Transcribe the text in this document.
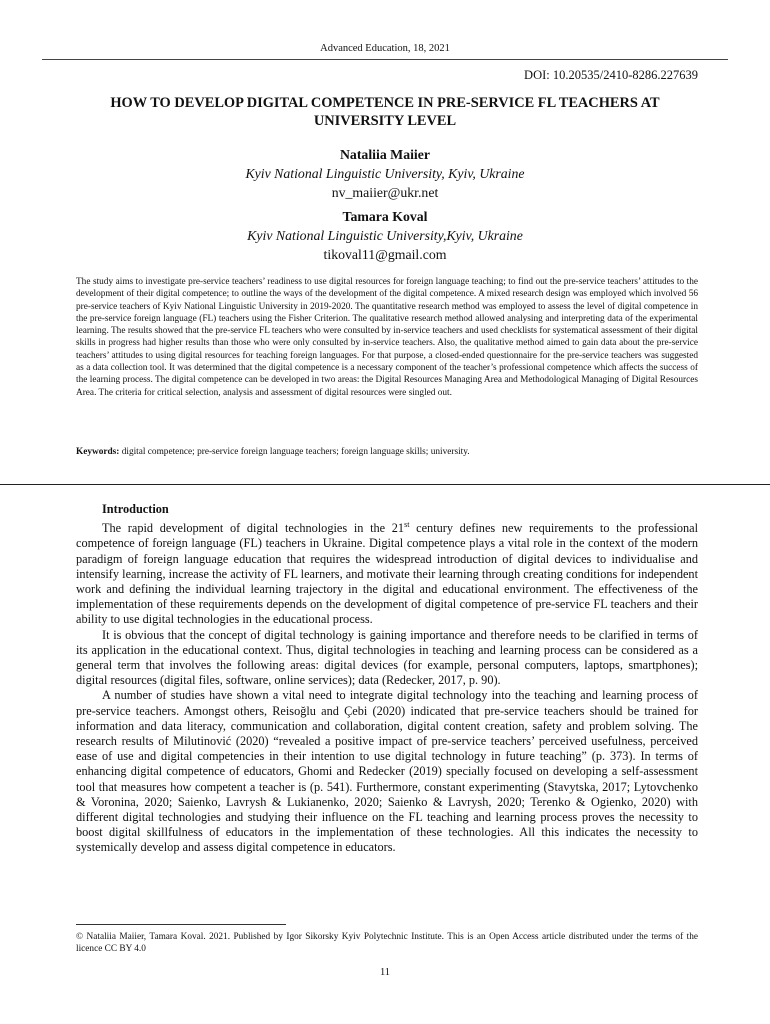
Advanced Education, 18, 2021
DOI: 10.20535/2410-8286.227639
HOW TO DEVELOP DIGITAL COMPETENCE IN PRE-SERVICE FL TEACHERS AT UNIVERSITY LEVEL
Nataliia Maiier
Kyiv National Linguistic University, Kyiv, Ukraine
nv_maiier@ukr.net
Tamara Koval
Kyiv National Linguistic University,Kyiv, Ukraine
tikoval11@gmail.com

The study aims to investigate pre-service teachers’ readiness to use digital resources for foreign language teaching; to find out the pre-service teachers’ attitudes to the development of their digital competence; to outline the ways of the development of the digital competence. A mixed research design was employed which involved 56 pre-service teachers of Kyiv National Linguistic University in 2019-2020. The quantitative research method was employed to assess the level of digital competence in the pre-service foreign language (FL) teachers using the Fisher Criterion. The qualitative research method allowed analysing and interpreting data of the experimental learning. The results showed that the pre-service FL teachers who were consulted by in-service teachers and used checklists for systematical assessment of their digital skills in progress had higher results than those who were only consulted by in-service teachers. Also, the qualitative method aimed to gain data about the pre-service teachers’ attitudes to using digital resources for teaching foreign languages. For that purpose, a closed-ended questionnaire for the pre-service teachers was suggested as a data collection tool. It was determined that the digital competence is a necessary component of the teacher’s professional competence which affects the success of the learning process. The digital competence can be developed in two areas: the Digital Resources Managing Area and Methodological Managing of Digital Resources Area. The criteria for critical selection, analysis and assessment of digital resources were singled out.

Keywords: digital competence; pre-service foreign language teachers; foreign language skills; university.

Introduction

The rapid development of digital technologies in the 21st century defines new requirements to the professional competence of foreign language (FL) teachers in Ukraine. Digital competence plays a vital role in the context of the modern paradigm of foreign language education that requires the widespread introduction of digital devices to individualise and intensify learning, increase the activity of FL learners, and motivate their learning through creating conditions for independent work and defining the individual learning trajectory in the digital and educational environment. The effectiveness of the implementation of these requirements depends on the development of digital competence of pre-service FL teachers and their ability to use digital technologies in the educational process.

It is obvious that the concept of digital technology is gaining importance and therefore needs to be clarified in terms of its application in the educational context. Thus, digital technologies in teaching and learning process can be considered as a general term that involves the following areas: digital devices (for example, personal computers, laptops, smartphones); digital resources (digital files, software, online services); data (Redecker, 2017, p. 90).

A number of studies have shown a vital need to integrate digital technology into the teaching and learning process of pre-service teachers. Amongst others, Reisoğlu and Çebi (2020) indicated that pre-service teachers should be trained for information and data literacy, communication and collaboration, digital content creation, safety and problem solving. The research results of Milutinović (2020) “revealed a positive impact of pre-service teachers’ perceived usefulness, perceived ease of use and digital competencies in their intention to use digital technology in future teaching” (p. 373). In terms of enhancing digital competence of educators, Ghomi and Redecker (2019) specially focused on developing a self-assessment tool that measures how competent a teacher is (p. 541). Furthermore, constant experimenting (Stavytska, 2017; Lytovchenko & Voronina, 2020; Saienko, Lavrysh & Lukianenko, 2020; Saienko & Lavrysh, 2020; Terenko & Ogienko, 2020) with different digital technologies and studying their influence on the FL teaching and learning process proves the necessity to boost digital skillfulness of educators in the implementation of these technologies. All this indicates the necessity to systemically develop and assess digital competence in educators.

© Nataliia Maiier, Tamara Koval. 2021. Published by Igor Sikorsky Kyiv Polytechnic Institute. This is an Open Access article distributed under the terms of the licence CC BY 4.0

11
